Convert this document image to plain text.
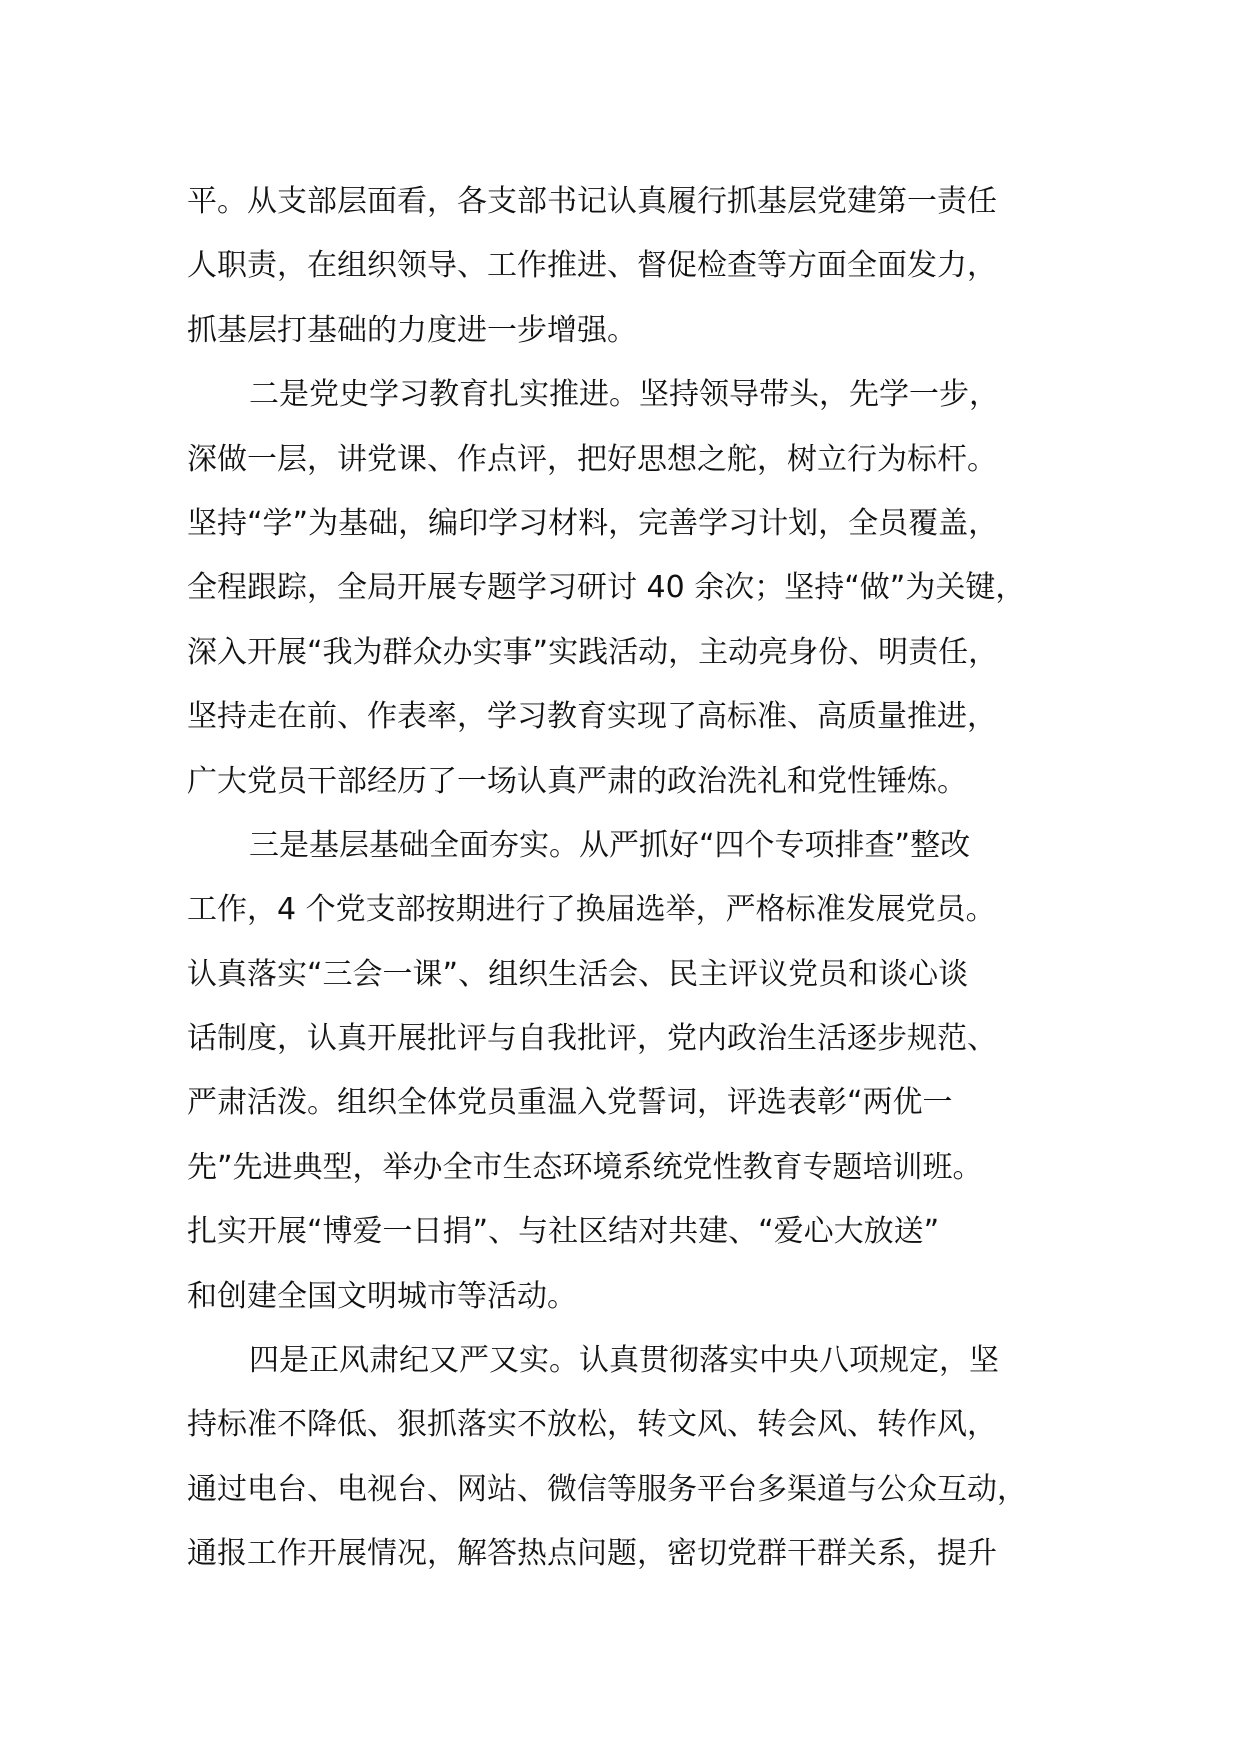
平。从支部层面看，各支部书记认真履行抓基层党建第一责任
人职责，在组织领导、工作推进、督促检查等方面全面发力，
抓基层打基础的力度进一步增强。
二是党史学习教育扎实推进。坚持领导带头，先学一步，
深做一层，讲党课、作点评，把好思想之舵，树立行为标杆。
坚持“学”为基础，编印学习材料，完善学习计划，全员覆盖，
全程跟踪，全局开展专题学习研讨 40 余次；坚持“做”为关键，
深入开展“我为群众办实事”实践活动，主动亮身份、明责任，
坚持走在前、作表率，学习教育实现了高标准、高质量推进，
广大党员干部经历了一场认真严肃的政治洗礼和党性锤炼。
三是基层基础全面夯实。从严抓好“四个专项排查”整改
工作，4 个党支部按期进行了换届选举，严格标准发展党员。
认真落实“三会一课”、组织生活会、民主评议党员和谈心谈
话制度，认真开展批评与自我批评，党内政治生活逐步规范、
严肃活泼。组织全体党员重温入党誓词，评选表彰“两优一
先”先进典型，举办全市生态环境系统党性教育专题培训班。
扎实开展“博爱一日捐”、与社区结对共建、“爱心大放送”
和创建全国文明城市等活动。
四是正风肃纪又严又实。认真贯彻落实中央八项规定，坚
持标准不降低、狠抓落实不放松，转文风、转会风、转作风，
通过电台、电视台、网站、微信等服务平台多渠道与公众互动，
通报工作开展情况，解答热点问题，密切党群干群关系，提升
